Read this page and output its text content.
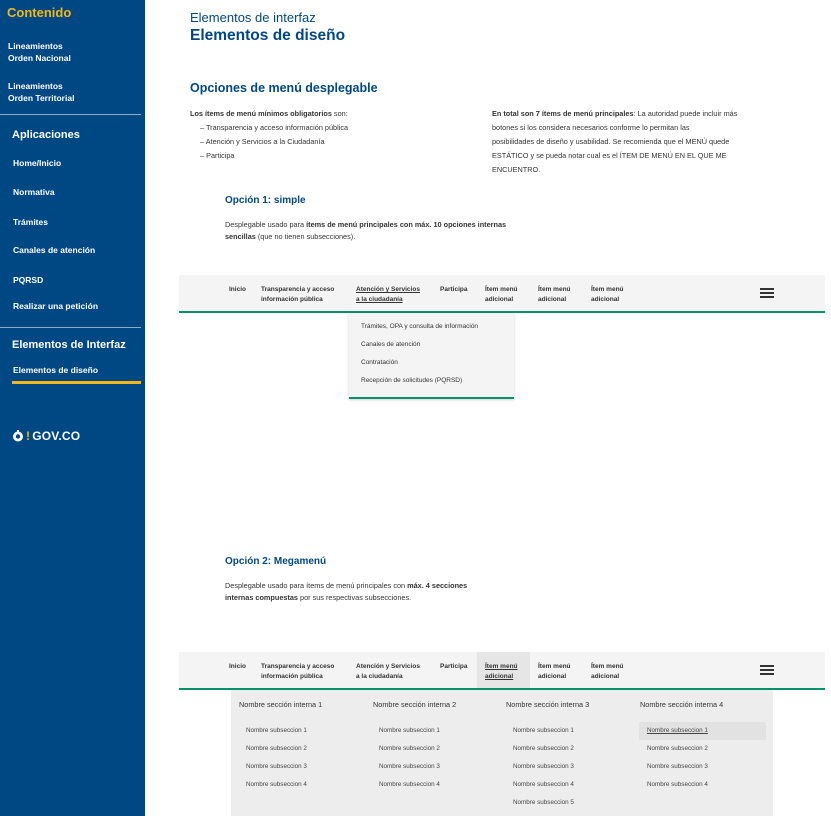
Contenido
Lineamientos
Orden Nacional
Lineamientos
Orden Territorial
Aplicaciones
Home/Inicio
Normativa
Trámites
Canales de atención
PQRSD
Realizar una petición
Elementos de Interfaz
Elementos de diseño
! GOV.CO
Elementos de interfaz
Elementos de diseño
Opciones de menú desplegable
Los ítems de menú mínimos obligatorios son:
– Transparencia y acceso información pública
– Atención y Servicios a la Ciudadanía
– Participa
En total son 7 ítems de menú principales: La autoridad puede incluir más
botones si los considera necesarios conforme lo permitan las
posibilidades de diseño y usabilidad. Se recomienda que el MENÚ quede
ESTÁTICO y se pueda notar cual es el ÍTEM DE MENÚ EN EL QUE ME
ENCUENTRO.
Opción 1: simple
Desplegable usado para ítems de menú principales con máx. 10 opciones internas
sencillas (que no tienen subsecciones).
Inicio Transparencia y acceso
información pública
Atención y Servicios
a la ciudadanía
Participa	Ítem menú
adicional
Ítem menú
adicional
Ítem menú
adicional
Trámites, OPA y consulta de información
Canales de atención
Contratación
Recepción de solicitudes (PQRSD)
Opción 2: Megamenú
Desplegable usado para ítems de menú principales con máx. 4 secciones
internas compuestas por sus respectivas subsecciones.
Inicio Transparencia y acceso
información pública
Atención y Servicios
a la ciudadanía
Participa	Ítem menú
adicional
Ítem menú
adicional
Ítem menú
adicional
Nombre sección interna 1
Nombre subseccion 1
Nombre subseccion 2
Nombre subseccion 3
Nombre subseccion 4
Nombre sección interna 2
Nombre subseccion 1
Nombre subseccion 2
Nombre subseccion 3
Nombre subseccion 4
Nombre sección interna 3
Nombre subseccion 1
Nombre subseccion 2
Nombre subseccion 3
Nombre subseccion 4
Nombre subseccion 5
Nombre sección interna 4
Nombre subseccion 1
Nombre subseccion 2
Nombre subseccion 3
Nombre subseccion 4
